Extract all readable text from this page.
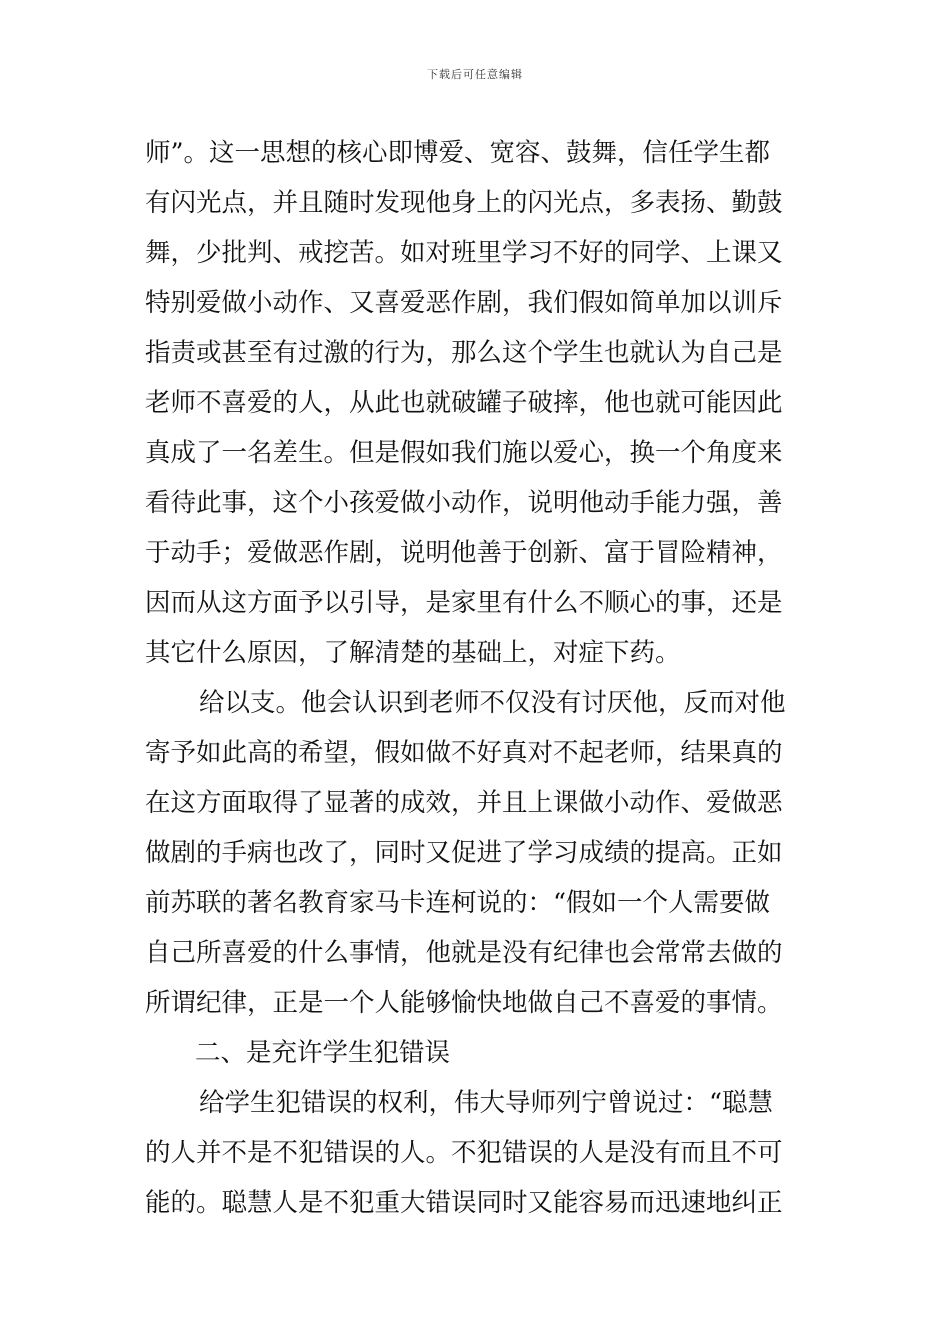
下载后可任意编辑
师”。这一思想的核心即博爱、宽容、鼓舞，信任学生都
有闪光点，并且随时发现他身上的闪光点，多表扬、勤鼓
舞，少批判、戒挖苦。如对班里学习不好的同学、上课又
特别爱做小动作、又喜爱恶作剧，我们假如简单加以训斥
指责或甚至有过激的行为，那么这个学生也就认为自己是
老师不喜爱的人，从此也就破罐子破摔，他也就可能因此
真成了一名差生。但是假如我们施以爱心，换一个角度来
看待此事，这个小孩爱做小动作，说明他动手能力强，善
于动手；爱做恶作剧，说明他善于创新、富于冒险精神，
因而从这方面予以引导，是家里有什么不顺心的事，还是
其它什么原因，了解清楚的基础上，对症下药。
给以支。他会认识到老师不仅没有讨厌他，反而对他
寄予如此高的希望，假如做不好真对不起老师，结果真的
在这方面取得了显著的成效，并且上课做小动作、爱做恶
做剧的手病也改了，同时又促进了学习成绩的提高。正如
前苏联的著名教育家马卡连柯说的：“假如一个人需要做
自己所喜爱的什么事情，他就是没有纪律也会常常去做的
所谓纪律，正是一个人能够愉快地做自己不喜爱的事情。
二、是充许学生犯错误
给学生犯错误的权利，伟大导师列宁曾说过：“聪慧
的人并不是不犯错误的人。不犯错误的人是没有而且不可
能的。聪慧人是不犯重大错误同时又能容易而迅速地纠正
